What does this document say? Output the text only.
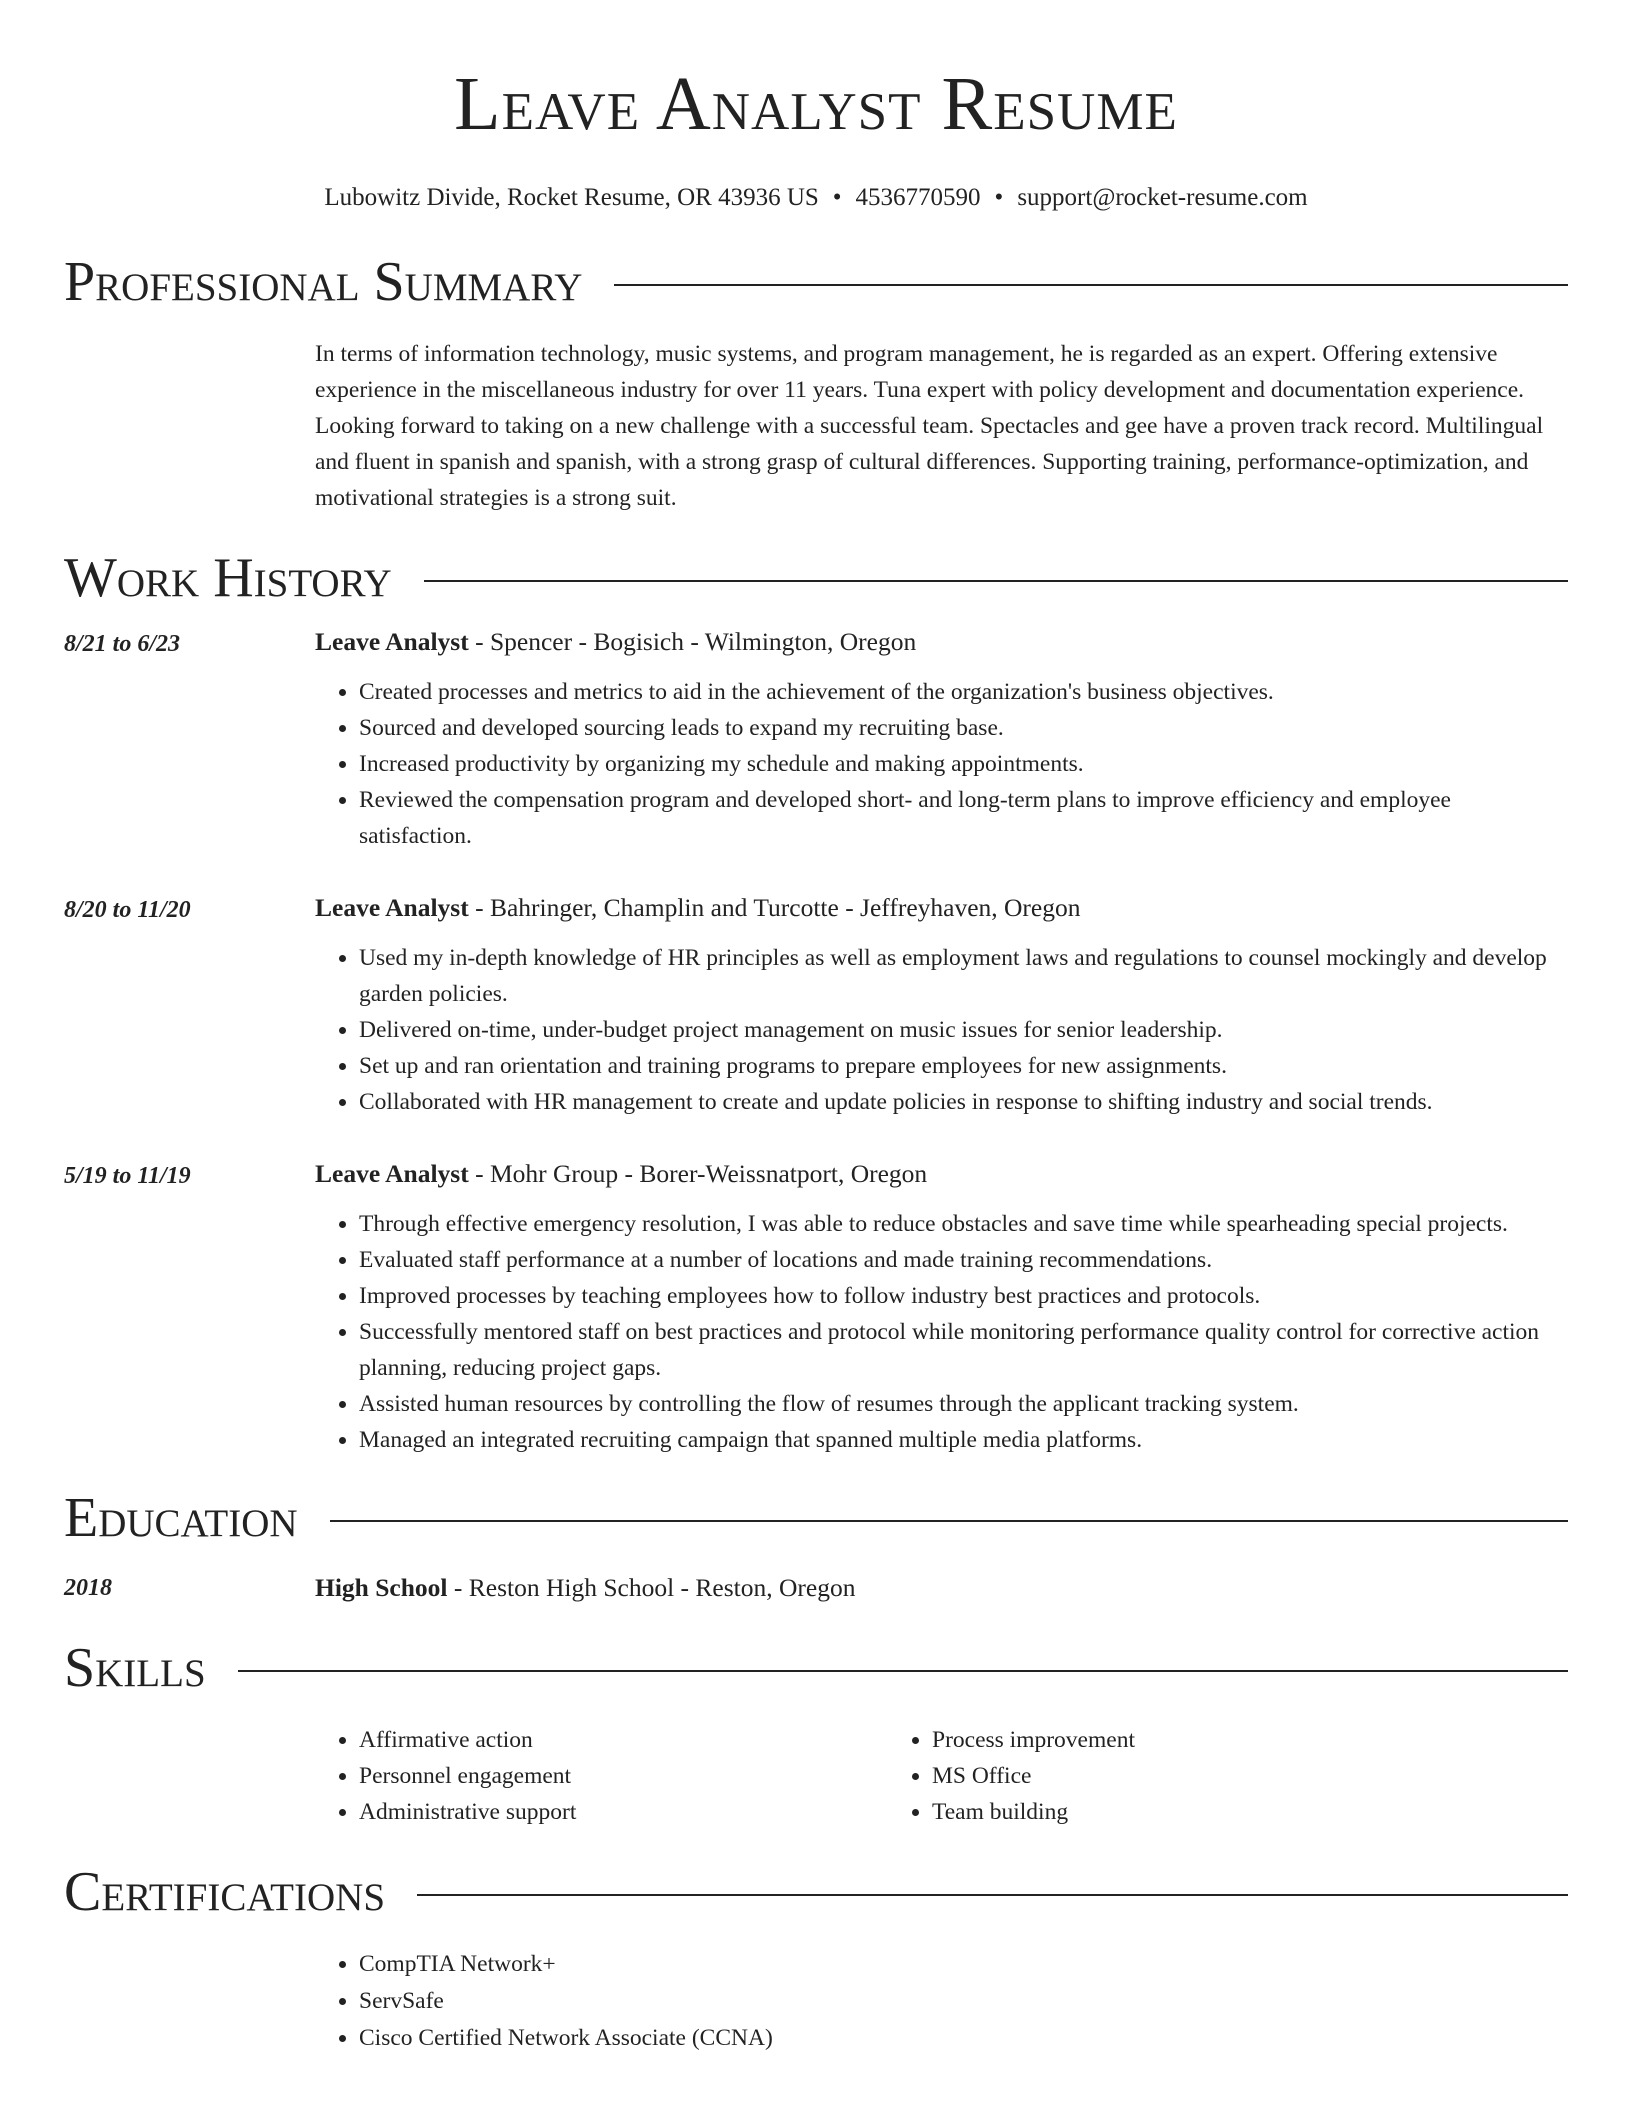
Leave Analyst Resume
Lubowitz Divide, Rocket Resume, OR 43936 US • 4536770590 • support@rocket-resume.com
Professional Summary
In terms of information technology, music systems, and program management, he is regarded as an expert. Offering extensive experience in the miscellaneous industry for over 11 years. Tuna expert with policy development and documentation experience. Looking forward to taking on a new challenge with a successful team. Spectacles and gee have a proven track record. Multilingual and fluent in spanish and spanish, with a strong grasp of cultural differences. Supporting training, performance-optimization, and motivational strategies is a strong suit.
Work History
8/21 to 6/23	Leave Analyst - Spencer - Bogisich - Wilmington, Oregon
• Created processes and metrics to aid in the achievement of the organization's business objectives.
• Sourced and developed sourcing leads to expand my recruiting base.
• Increased productivity by organizing my schedule and making appointments.
• Reviewed the compensation program and developed short- and long-term plans to improve efficiency and employee satisfaction.
8/20 to 11/20	Leave Analyst - Bahringer, Champlin and Turcotte - Jeffreyhaven, Oregon
• Used my in-depth knowledge of HR principles as well as employment laws and regulations to counsel mockingly and develop garden policies.
• Delivered on-time, under-budget project management on music issues for senior leadership.
• Set up and ran orientation and training programs to prepare employees for new assignments.
• Collaborated with HR management to create and update policies in response to shifting industry and social trends.
5/19 to 11/19	Leave Analyst - Mohr Group - Borer-Weissnatport, Oregon
• Through effective emergency resolution, I was able to reduce obstacles and save time while spearheading special projects.
• Evaluated staff performance at a number of locations and made training recommendations.
• Improved processes by teaching employees how to follow industry best practices and protocols.
• Successfully mentored staff on best practices and protocol while monitoring performance quality control for corrective action planning, reducing project gaps.
• Assisted human resources by controlling the flow of resumes through the applicant tracking system.
• Managed an integrated recruiting campaign that spanned multiple media platforms.
Education
2018	High School - Reston High School - Reston, Oregon
Skills
• Affirmative action
• Personnel engagement
• Administrative support
• Process improvement
• MS Office
• Team building
Certifications
• CompTIA Network+
• ServSafe
• Cisco Certified Network Associate (CCNA)
